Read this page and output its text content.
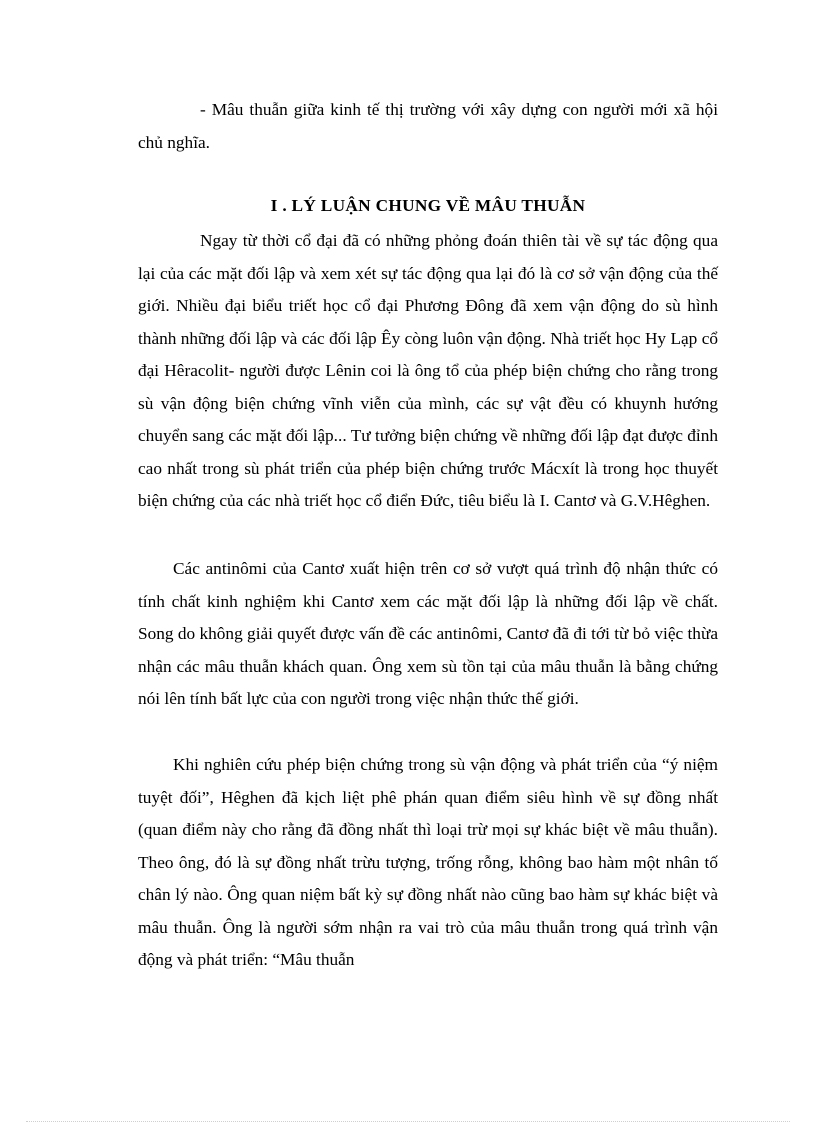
- Mâu thuẫn giữa kinh tế thị trường với xây dựng con người mới xã hội chủ nghĩa.

I . LÝ LUẬN CHUNG VỀ MÂU THUẪN

Ngay từ thời cổ đại đã có những phỏng đoán thiên tài về sự tác động qua lại của các mặt đối lập và xem xét sự tác động qua lại đó là cơ sở vận động của thế giới. Nhiều đại biểu triết học cổ đại Phương Đông đã xem vận động do sù hình thành những đối lập và các đối lập Êy còng luôn vận động. Nhà triết học Hy Lạp cổ đại Hêracolit- người được Lênin coi là ông tổ của phép biện chứng cho rằng trong sù vận động biện chứng vĩnh viễn của mình, các sự vật đều có khuynh hướng chuyển sang các mặt đối lập... Tư tưởng biện chứng về những đối lập đạt được đỉnh cao nhất trong sù phát triển của phép biện chứng trước Mácxít là trong học thuyết biện chứng của các nhà triết học cổ điển Đức, tiêu biểu là I. Cantơ và G.V.Hêghen.

Các antinômi của Cantơ xuất hiện trên cơ sở vượt quá trình độ nhận thức có tính chất kinh nghiệm khi Cantơ xem các mặt đối lập là những đối lập về chất. Song do không giải quyết được vấn đề các antinômi, Cantơ đã đi tới từ bỏ việc thừa nhận các mâu thuẫn khách quan. Ông xem sù tồn tại của mâu thuẫn là bằng chứng nói lên tính bất lực của con người trong việc nhận thức thế giới.

Khi nghiên cứu phép biện chứng trong sù vận động và phát triển của “ý niệm tuyệt đối”, Hêghen đã kịch liệt phê phán quan điểm siêu hình về sự đồng nhất (quan điểm này cho rằng đã đồng nhất thì loại trừ mọi sự khác biệt về mâu thuẫn). Theo ông, đó là sự đồng nhất trừu tượng, trống rỗng, không bao hàm một nhân tố chân lý nào. Ông quan niệm bất kỳ sự đồng nhất nào cũng bao hàm sự khác biệt và mâu thuẫn. Ông là người sớm nhận ra vai trò của mâu thuẫn trong quá trình vận động và phát triển: “Mâu thuẫn
